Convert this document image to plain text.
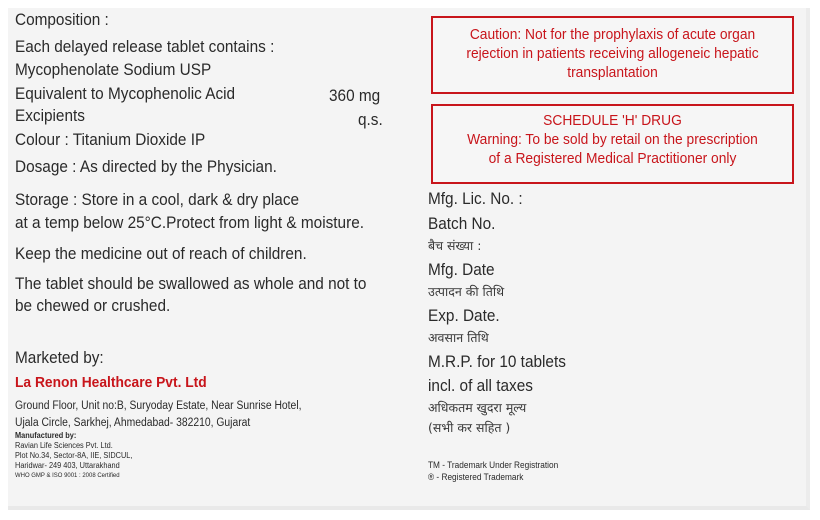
Composition :
Each delayed release tablet contains :
Mycophenolate Sodium USP
Equivalent to Mycophenolic Acid	360 mg
Excipients	q.s.
Colour : Titanium Dioxide IP
Dosage : As directed by the Physician.
Storage : Store in a cool, dark & dry place
at a temp below 25°C.Protect from light & moisture.
Keep the medicine out of reach of children.
The tablet should be swallowed as whole and not to
be chewed or crushed.
Marketed by:
La Renon Healthcare Pvt. Ltd
Ground Floor, Unit no:B, Suryoday Estate, Near Sunrise Hotel,
Ujala Circle, Sarkhej, Ahmedabad- 382210, Gujarat
Manufactured by:
Ravian Life Sciences Pvt. Ltd.
Plot No.34, Sector-8A, IIE, SIDCUL,
Haridwar- 249 403, Uttarakhand
WHO GMP & ISO 9001 : 2008 Certified
Caution: Not for the prophylaxis of acute organ
rejection in patients receiving allogeneic hepatic
transplantation
SCHEDULE 'H' DRUG
Warning: To be sold by retail on the prescription
of a Registered Medical Practitioner only
Mfg. Lic. No. :
Batch No.
बैच संख्या :
Mfg. Date
उत्पादन की तिथि
Exp. Date.
अवसान तिथि
M.R.P. for 10 tablets
incl. of all taxes
अधिकतम खुदरा मूल्य
(सभी कर सहित )
TM - Trademark Under Registration
® - Registered Trademark
